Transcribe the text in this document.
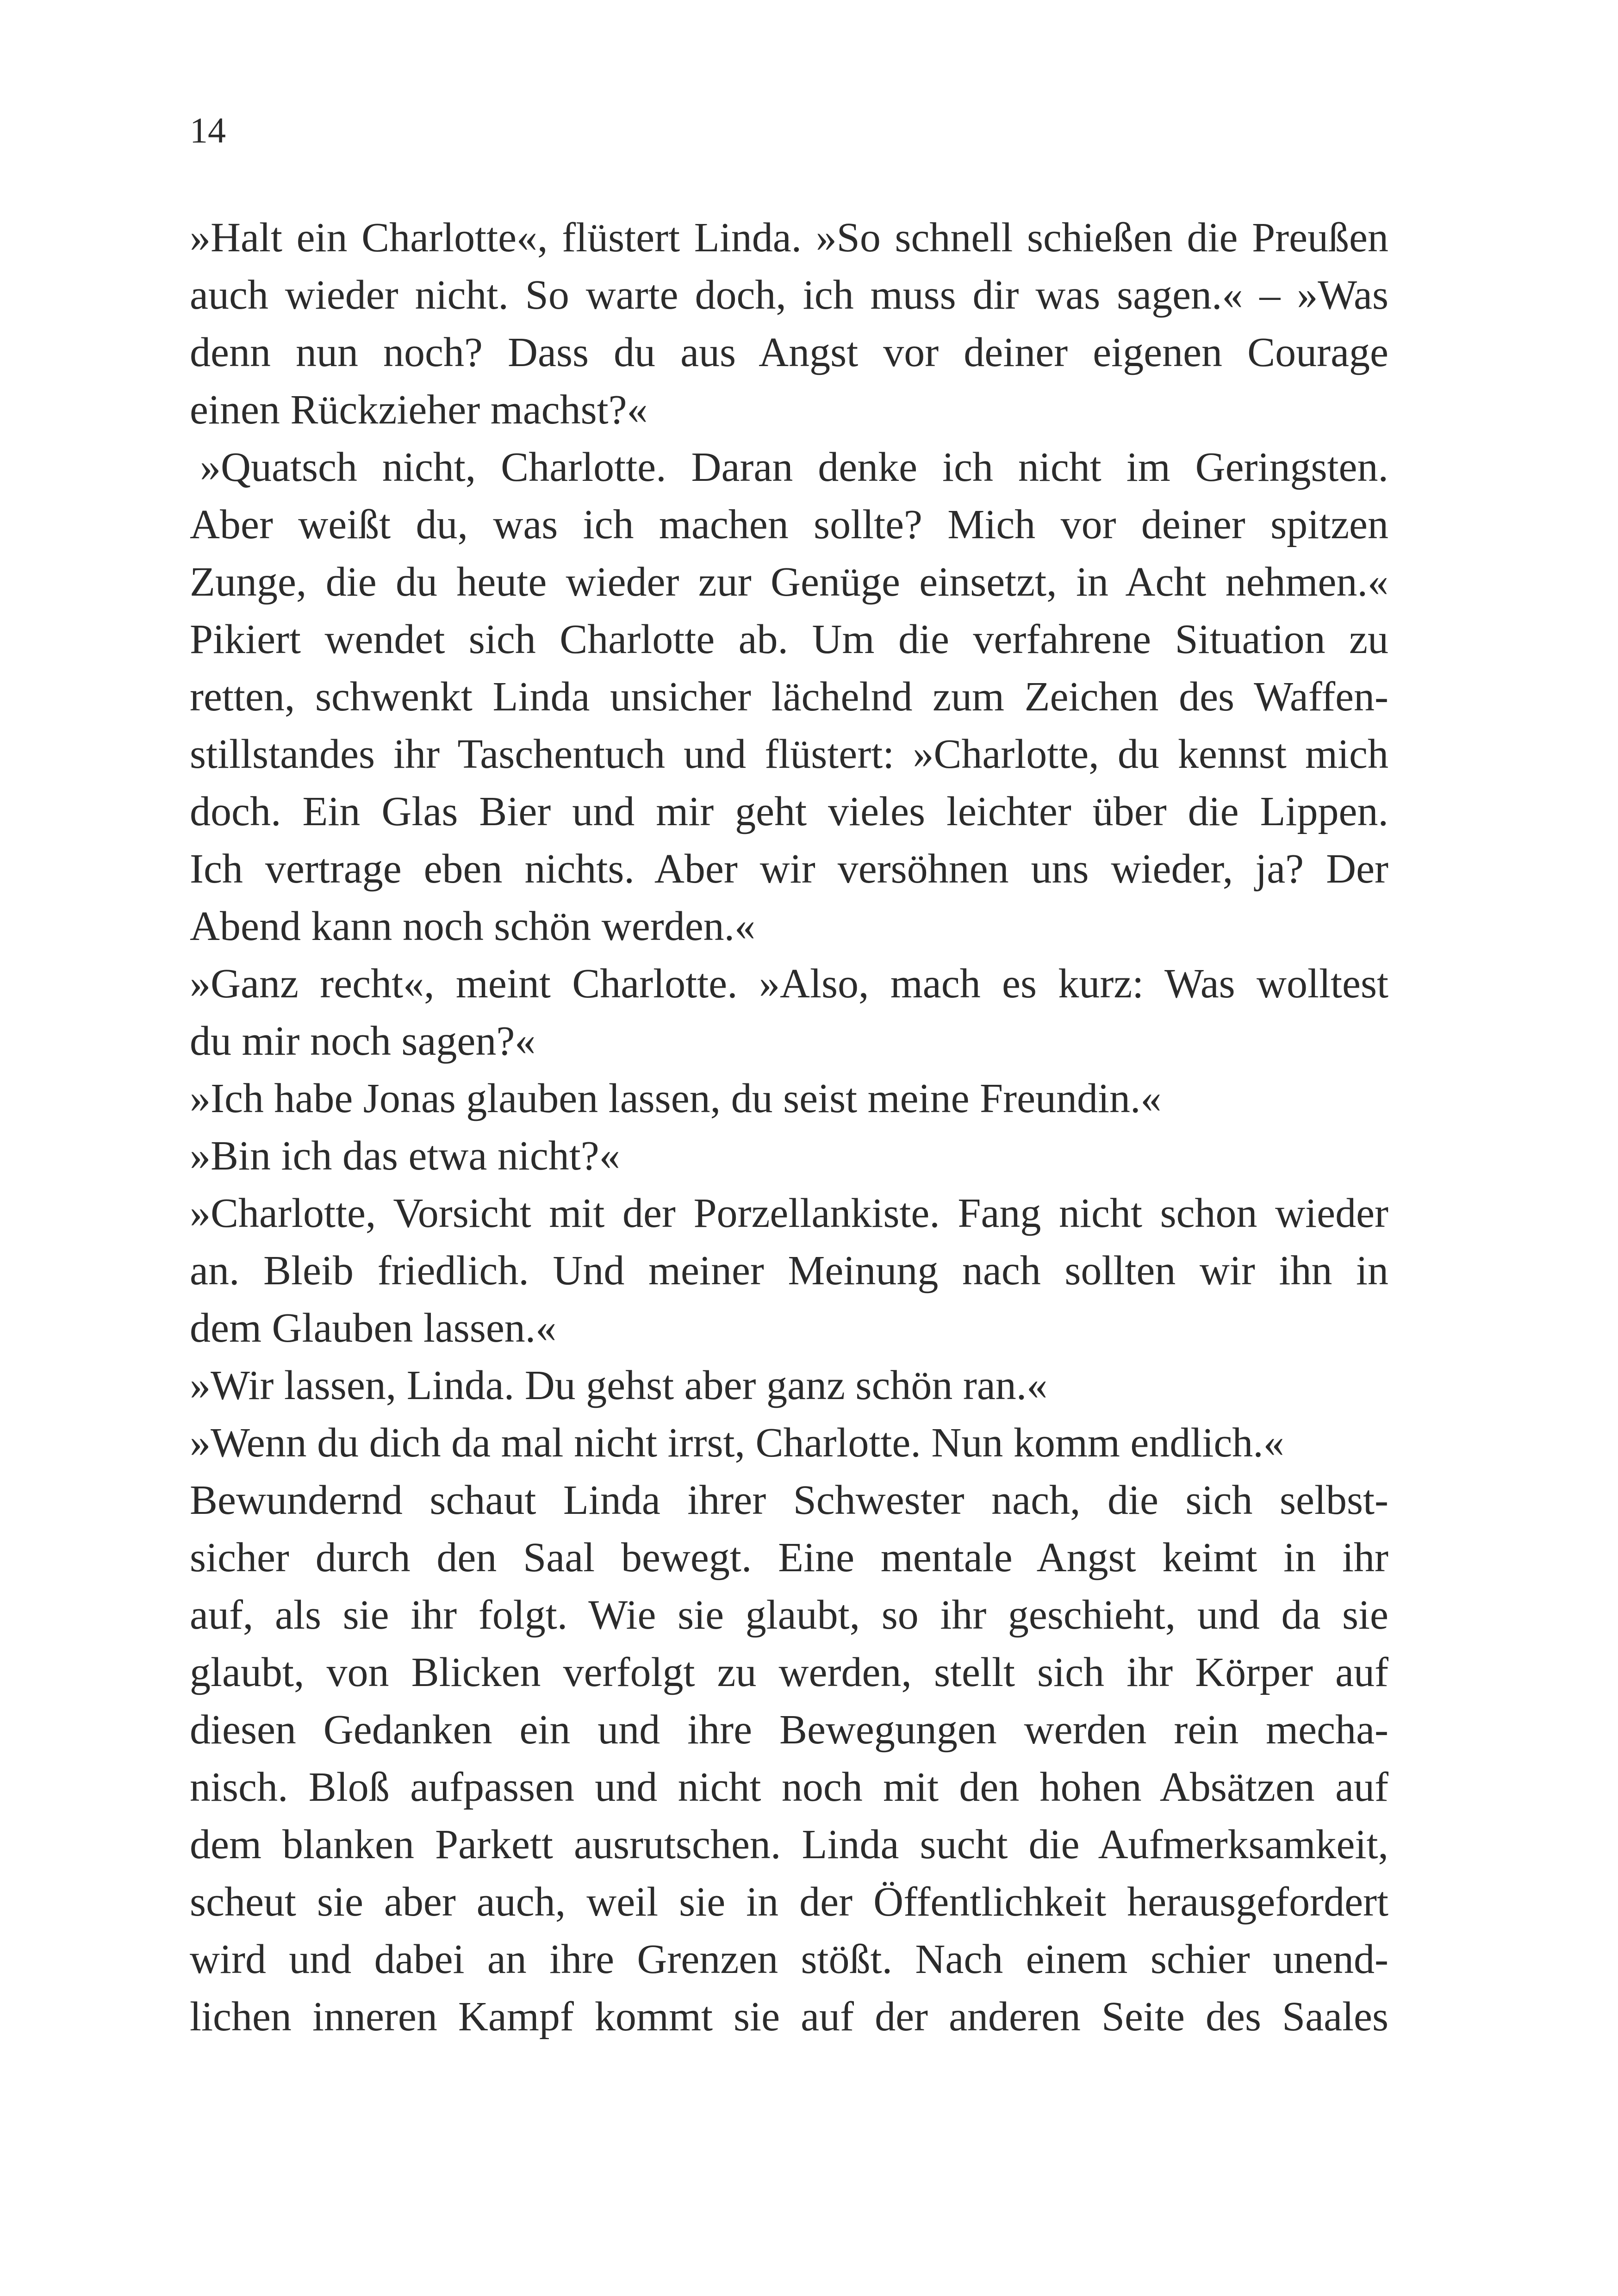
14
»Halt ein Charlotte«, flüstert Linda. »So schnell schießen die Preußen
auch wieder nicht. So warte doch, ich muss dir was sagen.« – »Was
denn nun noch? Dass du aus Angst vor deiner eigenen Courage
einen Rückzieher machst?«
»Quatsch nicht, Charlotte. Daran denke ich nicht im Geringsten.
Aber weißt du, was ich machen sollte? Mich vor deiner spitzen
Zunge, die du heute wieder zur Genüge einsetzt, in Acht nehmen.«
Pikiert wendet sich Charlotte ab. Um die verfahrene Situation zu
retten, schwenkt Linda unsicher lächelnd zum Zeichen des Waffen-
stillstandes ihr Taschentuch und flüstert: »Charlotte, du kennst mich
doch. Ein Glas Bier und mir geht vieles leichter über die Lippen.
Ich vertrage eben nichts. Aber wir versöhnen uns wieder, ja? Der
Abend kann noch schön werden.«
»Ganz recht«, meint Charlotte. »Also, mach es kurz: Was wolltest
du mir noch sagen?«
»Ich habe Jonas glauben lassen, du seist meine Freundin.«
»Bin ich das etwa nicht?«
»Charlotte, Vorsicht mit der Porzellankiste. Fang nicht schon wieder
an. Bleib friedlich. Und meiner Meinung nach sollten wir ihn in
dem Glauben lassen.«
»Wir lassen, Linda. Du gehst aber ganz schön ran.«
»Wenn du dich da mal nicht irrst, Charlotte. Nun komm endlich.«
Bewundernd schaut Linda ihrer Schwester nach, die sich selbst-
sicher durch den Saal bewegt. Eine mentale Angst keimt in ihr
auf, als sie ihr folgt. Wie sie glaubt, so ihr geschieht, und da sie
glaubt, von Blicken verfolgt zu werden, stellt sich ihr Körper auf
diesen Gedanken ein und ihre Bewegungen werden rein mecha-
nisch. Bloß aufpassen und nicht noch mit den hohen Absätzen auf
dem blanken Parkett ausrutschen. Linda sucht die Aufmerksamkeit,
scheut sie aber auch, weil sie in der Öffentlichkeit herausgefordert
wird und dabei an ihre Grenzen stößt. Nach einem schier unend-
lichen inneren Kampf kommt sie auf der anderen Seite des Saales
